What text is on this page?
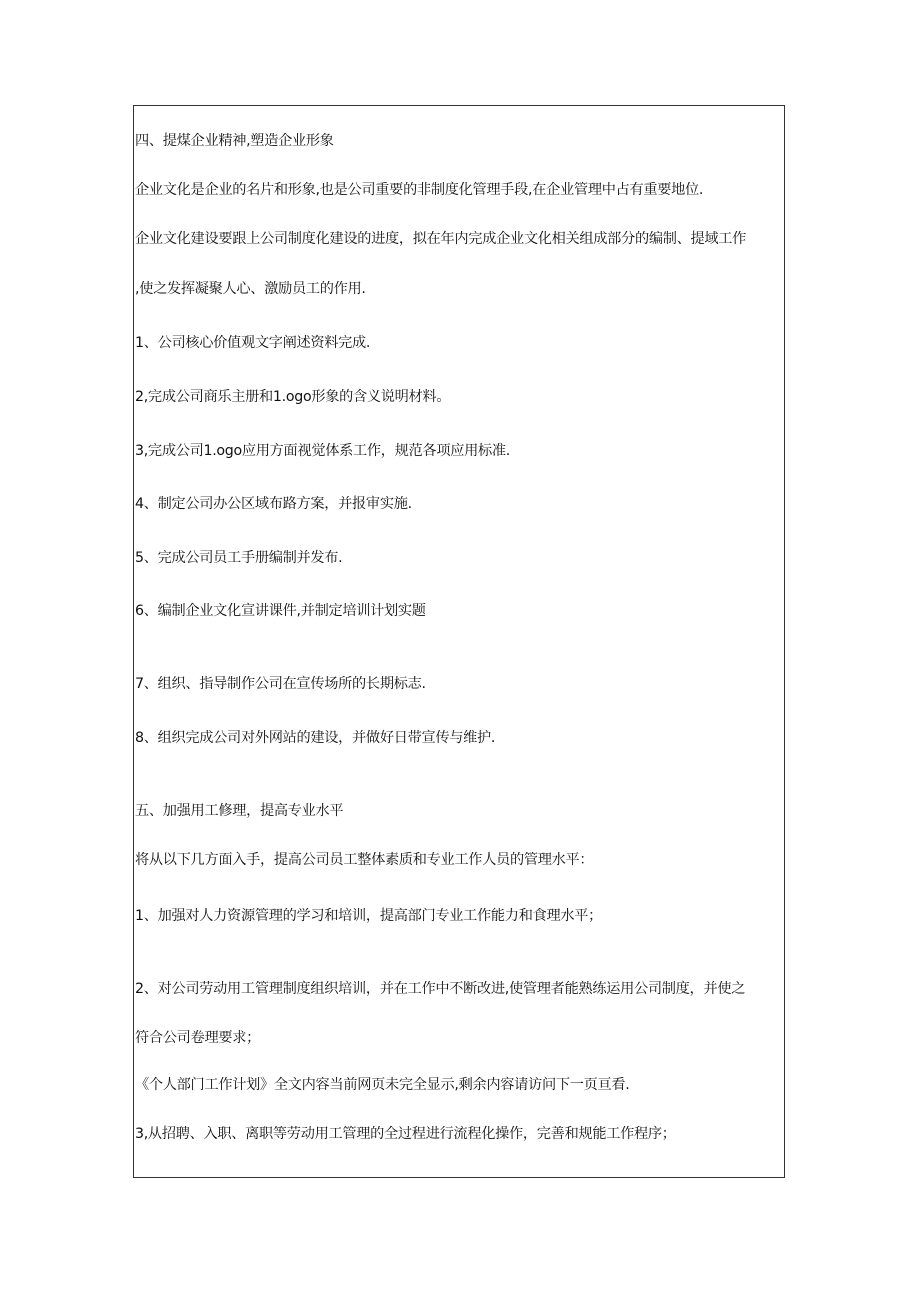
四、提煤企业精神,塑造企业形象
企业文化是企业的名片和形象,也是公司重要的非制度化管理手段,在企业管理中占有重要地位.
企业文化建设要跟上公司制度化建设的进度，拟在年内完成企业文化相关组成部分的编制、提域工作
,使之发挥凝聚人心、激励员工的作用.
1、公司核心价值观文字阐述资料完成.
2,完成公司商乐主册和1.ogo形象的含义说明材料。
3,完成公司1.ogo应用方面视觉体系工作，规范各项应用标准.
4、制定公司办公区域布路方案，并报审实施.
5、完成公司员工手册编制并发布.
6、编制企业文化宣讲课件,并制定培训计划实题
7、组织、指导制作公司在宣传场所的长期标志.
8、组织完成公司对外网站的建设，并做好日带宣传与维护.
五、加强用工修理，提高专业水平
将从以下几方面入手，提高公司员工整体素质和专业工作人员的管理水平：
1、加强对人力资源管理的学习和培训，提高部门专业工作能力和食理水平；
2、对公司劳动用工管理制度组织培训，并在工作中不断改进,使管理者能熟练运用公司制度，并使之
符合公司卷理要求；
《个人部门工作计划》全文内容当前网页未完全显示,剩余内容请访问下一页亘看.
3,从招聘、入职、离职等劳动用工管理的全过程进行流程化操作，完善和规能工作程序；
